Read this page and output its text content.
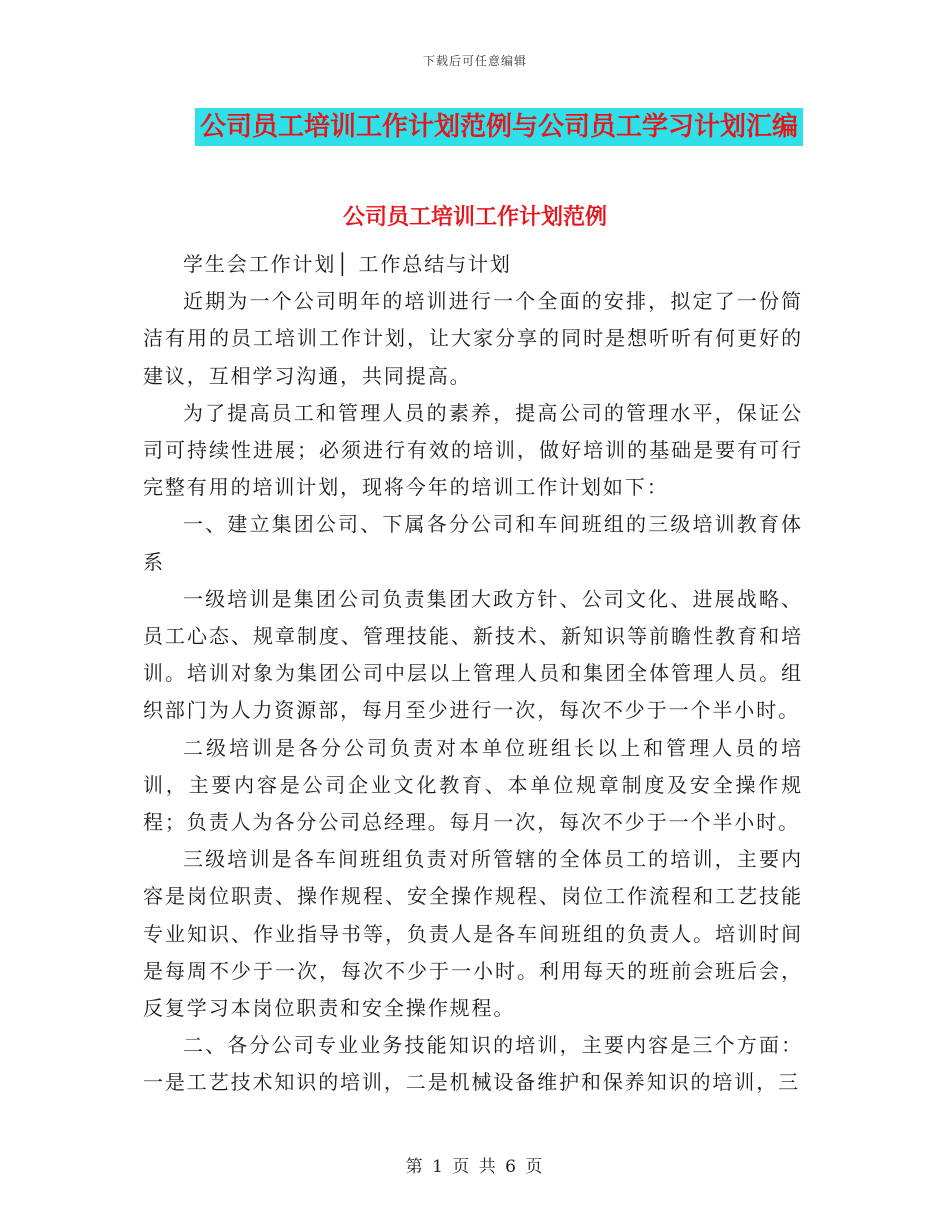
下载后可任意编辑
公司员工培训工作计划范例与公司员工学习计划汇编
公司员工培训工作计划范例

学生会工作计划│ 工作总结与计划

近期为一个公司明年的培训进行一个全面的安排，拟定了一份简洁有用的员工培训工作计划，让大家分享的同时是想听听有何更好的建议，互相学习沟通，共同提高。

为了提高员工和管理人员的素养，提高公司的管理水平，保证公司可持续性进展；必须进行有效的培训，做好培训的基础是要有可行完整有用的培训计划，现将今年的培训工作计划如下：

一、建立集团公司、下属各分公司和车间班组的三级培训教育体系

一级培训是集团公司负责集团大政方针、公司文化、进展战略、员工心态、规章制度、管理技能、新技术、新知识等前瞻性教育和培训。培训对象为集团公司中层以上管理人员和集团全体管理人员。组织部门为人力资源部，每月至少进行一次，每次不少于一个半小时。

二级培训是各分公司负责对本单位班组长以上和管理人员的培训，主要内容是公司企业文化教育、本单位规章制度及安全操作规程；负责人为各分公司总经理。每月一次，每次不少于一个半小时。

三级培训是各车间班组负责对所管辖的全体员工的培训，主要内容是岗位职责、操作规程、安全操作规程、岗位工作流程和工艺技能专业知识、作业指导书等，负责人是各车间班组的负责人。培训时间是每周不少于一次，每次不少于一小时。利用每天的班前会班后会，反复学习本岗位职责和安全操作规程。

二、各分公司专业业务技能知识的培训，主要内容是三个方面：一是工艺技术知识的培训，二是机械设备维护和保养知识的培训，三

第 1 页 共 6 页
